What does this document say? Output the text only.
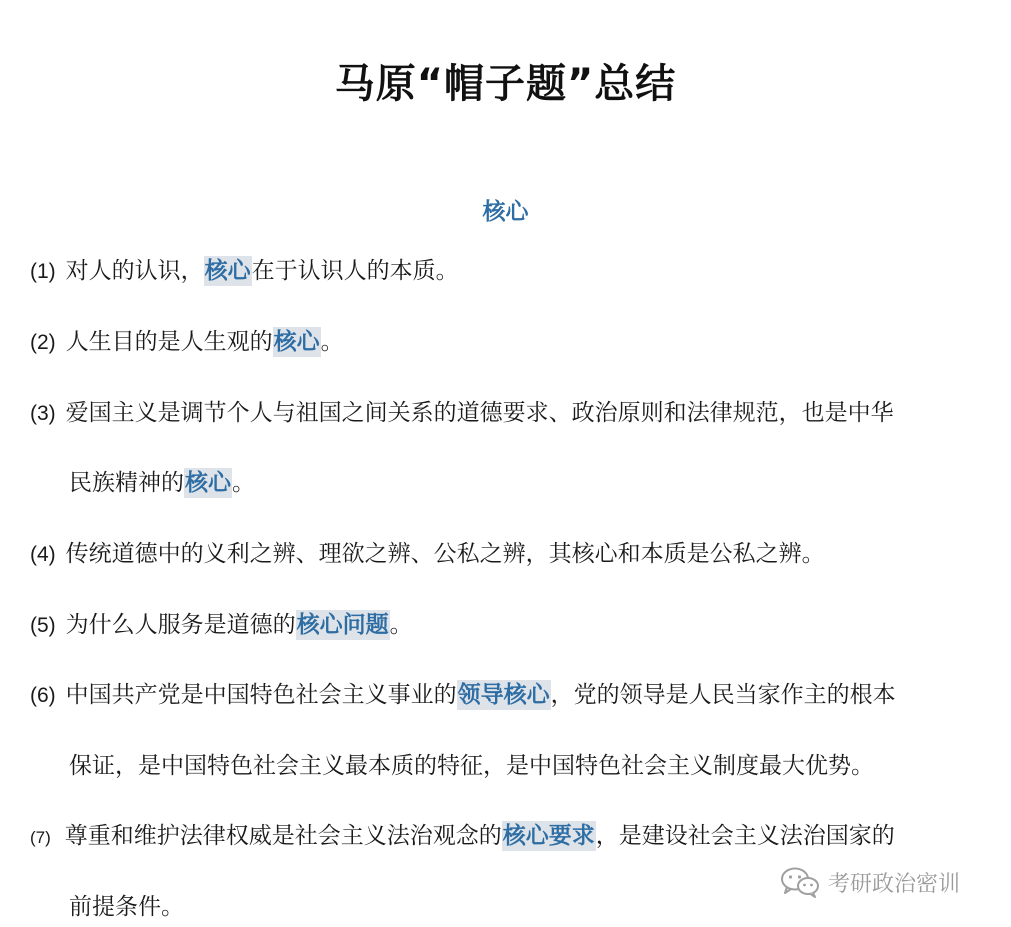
马原“帽子题”总结
核心
(1) 对人的认识，核心在于认识人的本质。
(2) 人生目的是人生观的核心。
(3) 爱国主义是调节个人与祖国之间关系的道德要求、政治原则和法律规范，也是中华
民族精神的核心。
(4) 传统道德中的义利之辨、理欲之辨、公私之辨，其核心和本质是公私之辨。
(5) 为什么人服务是道德的核心问题。
(6) 中国共产党是中国特色社会主义事业的领导核心，党的领导是人民当家作主的根本
保证，是中国特色社会主义最本质的特征，是中国特色社会主义制度最大优势。
(7) 尊重和维护法律权威是社会主义法治观念的核心要求，是建设社会主义法治国家的
前提条件。
考研政治密训
